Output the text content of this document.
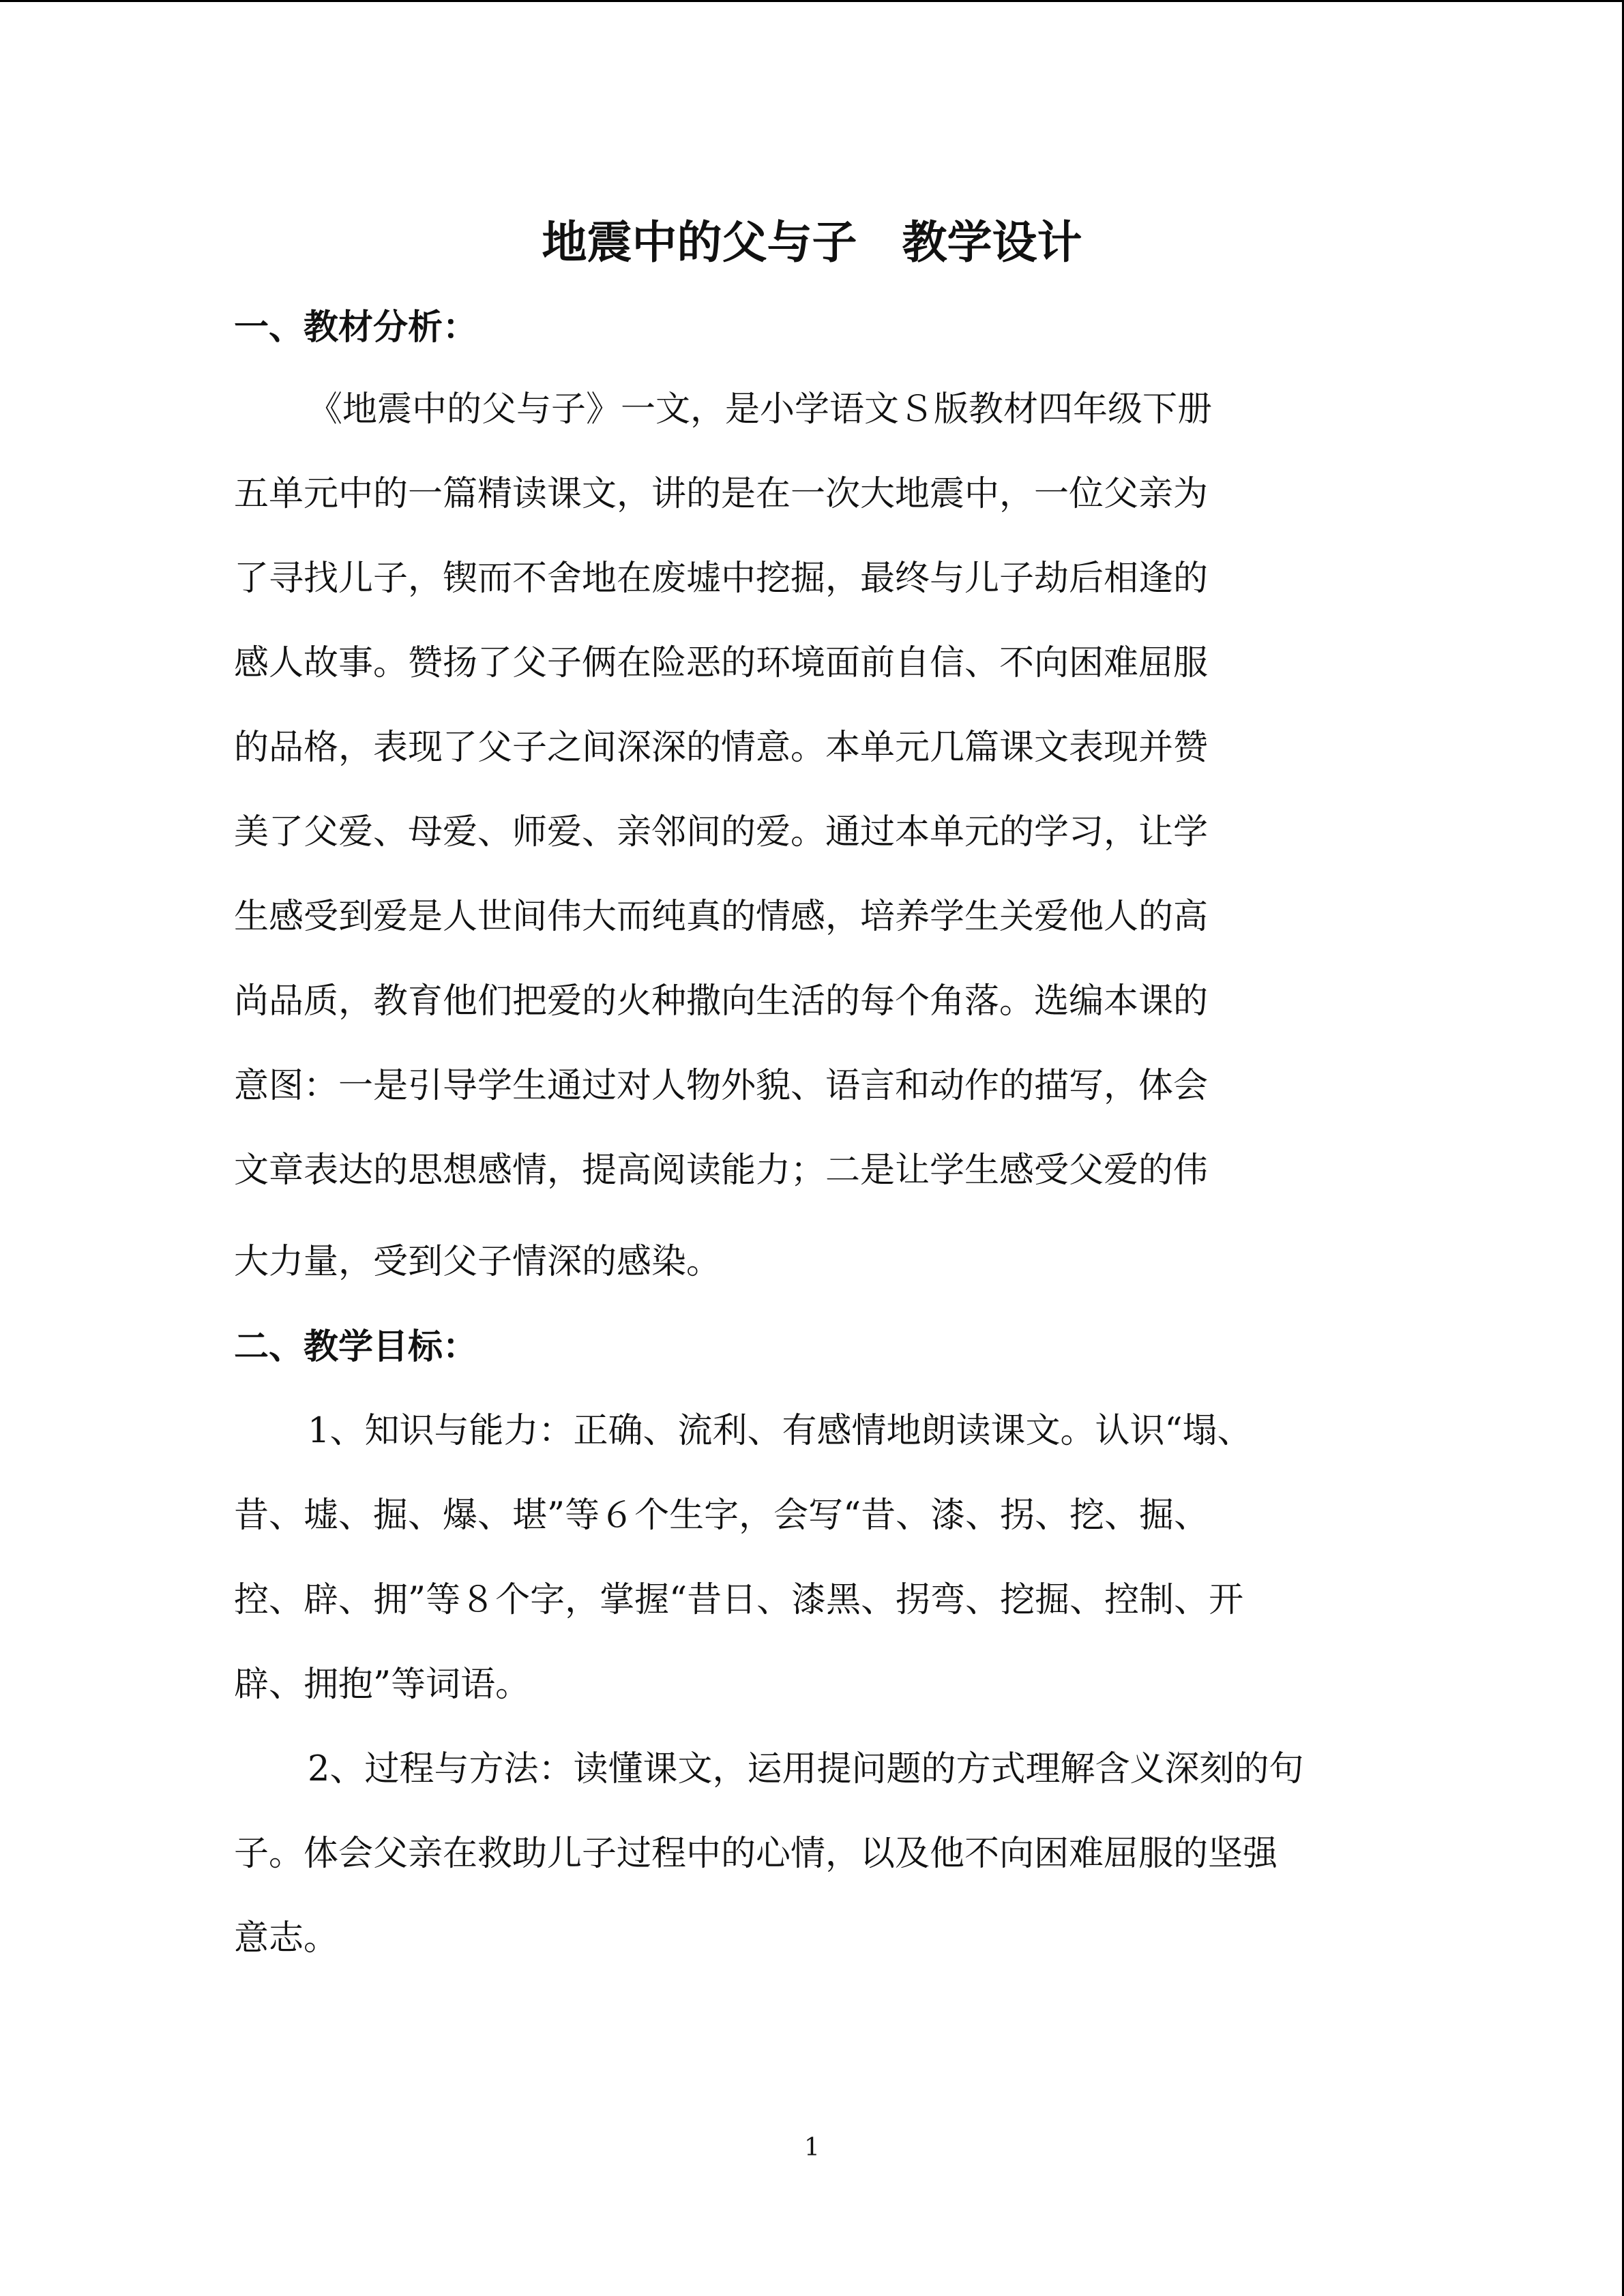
地震中的父与子　教学设计
一、教材分析：
《地震中的父与子》一文，是小学语文Ｓ版教材四年级下册
五单元中的一篇精读课文，讲的是在一次大地震中，一位父亲为
了寻找儿子，锲而不舍地在废墟中挖掘，最终与儿子劫后相逢的
感人故事。赞扬了父子俩在险恶的环境面前自信、不向困难屈服
的品格，表现了父子之间深深的情意。本单元几篇课文表现并赞
美了父爱、母爱、师爱、亲邻间的爱。通过本单元的学习，让学
生感受到爱是人世间伟大而纯真的情感，培养学生关爱他人的高
尚品质，教育他们把爱的火种撒向生活的每个角落。选编本课的
意图：一是引导学生通过对人物外貌、语言和动作的描写，体会
文章表达的思想感情，提高阅读能力；二是让学生感受父爱的伟
大力量，受到父子情深的感染。
二、教学目标：
1、知识与能力：正确、流利、有感情地朗读课文。认识“塌、
昔、墟、掘、爆、堪”等６个生字，会写“昔、漆、拐、挖、掘、
控、辟、拥”等８个字，掌握“昔日、漆黑、拐弯、挖掘、控制、开
辟、拥抱”等词语。
2、过程与方法：读懂课文，运用提问题的方式理解含义深刻的句
子。体会父亲在救助儿子过程中的心情，以及他不向困难屈服的坚强
意志。
1
